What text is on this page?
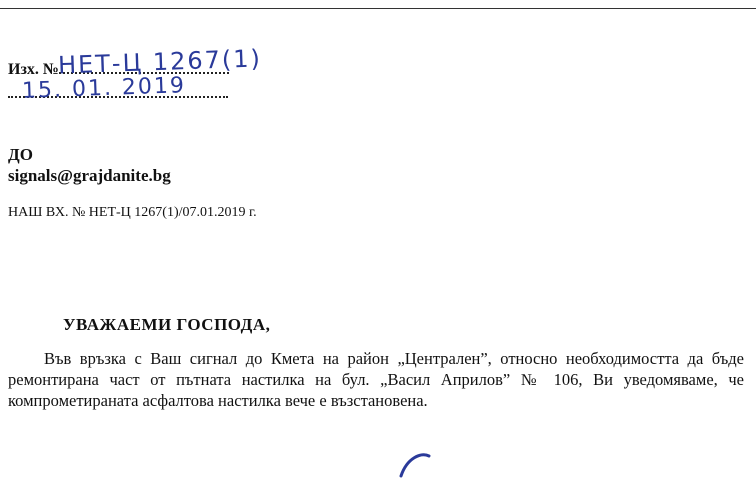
Изх. №
НЕТ-Ц 1267(1)
15. 01. 2019
ДО
signals@grajdanite.bg
НАШ ВХ. № НЕТ-Ц 1267(1)/07.01.2019 г.
УВАЖАЕМИ ГОСПОДА,
Във връзка с Ваш сигнал до Кмета на район „Централен”, относно необходимостта да бъде ремонтирана част от пътната настилка на бул. „Васил Априлов” № 106, Ви уведомяваме, че компрометираната асфалтова настилка вече е възстановена.
